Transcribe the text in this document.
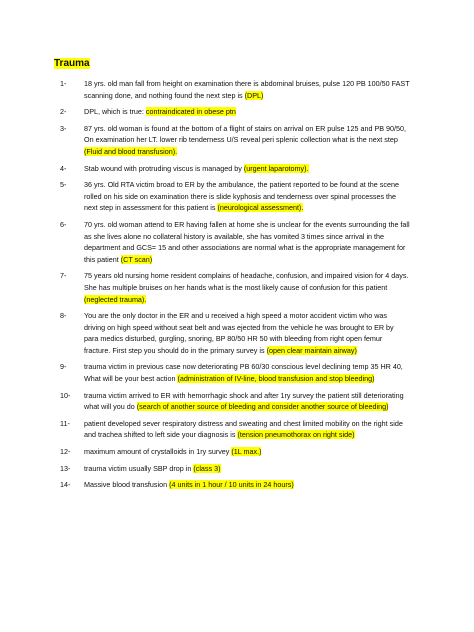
Trauma
1- 18 yrs. old man fall from height on examination there is abdominal bruises, pulse 120 PB 100/50 FAST scanning done, and nothing found the next step is (DPL)
2- DPL, which is true: contraindicated in obese ptn
3- 87 yrs. old woman is found at the bottom of a flight of stairs on arrival on ER pulse 125 and PB 90/50, On examination her LT. lower rib tenderness U/S reveal peri splenic collection what is the next step (Fluid and blood transfusion).
4- Stab wound with protruding viscus is managed by (urgent laparotomy).
5- 36 yrs. Old RTA victim broad to ER by the ambulance, the patient reported to be found at the scene rolled on his side on examination there is slide kyphosis and tenderness over spinal processes the next step in assessment for this patient is (neurological assessment).
6- 70 yrs. old woman attend to ER having fallen at home she is unclear for the events surrounding the fall as she lives alone no collateral history is available, she has vomited 3 times since arrival in the department and GCS= 15 and other associations are normal what is the appropriate management for this patient (CT scan)
7- 75 years old nursing home resident complains of headache, confusion, and impaired vision for 4 days. She has multiple bruises on her hands what is the most likely cause of confusion for this patient (neglected trauma).
8- You are the only doctor in the ER and u received a high speed a motor accident victim who was driving on high speed without seat belt and was ejected from the vehicle he was brought to ER by para medics disturbed, gurgling, snoring, BP 80/50 HR 50 with bleeding from right open femur fracture. First step you should do in the primary survey is (open clear maintain airway)
9- trauma victim in previous case now deteriorating PB 60/30 conscious level declining temp 35 HR 40, What will be your best action (administration of IV-line, blood transfusion and stop bleeding)
10- trauma victim arrived to ER with hemorrhagic shock and after 1ry survey the patient still deteriorating what will you do (search of another source of bleeding and consider another source of bleeding)
11- patient developed sever respiratory distress and sweating and chest limited mobility on the right side and trachea shifted to left side your diagnosis is (tension pneumothorax on right side)
12- maximum amount of crystalloids in 1ry survey (1L max.)
13- trauma victim usually SBP drop in (class 3)
14- Massive blood transfusion (4 units in 1 hour / 10 units in 24 hours)
